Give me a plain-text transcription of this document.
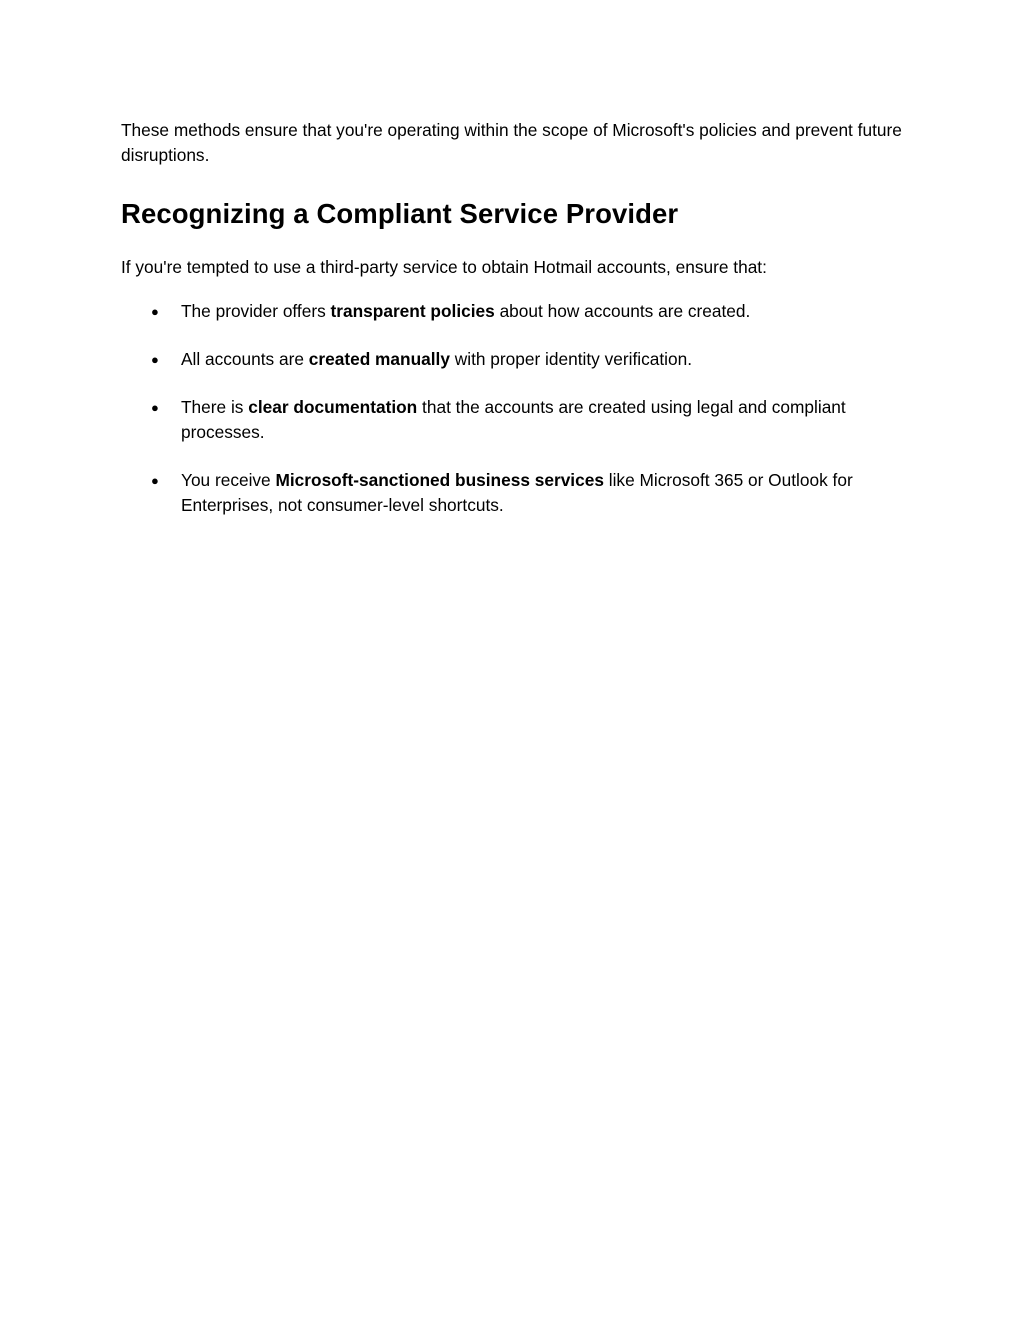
These methods ensure that you're operating within the scope of Microsoft's policies and prevent future disruptions.

Recognizing a Compliant Service Provider

If you're tempted to use a third-party service to obtain Hotmail accounts, ensure that:

● The provider offers transparent policies about how accounts are created.
● All accounts are created manually with proper identity verification.
● There is clear documentation that the accounts are created using legal and compliant processes.
● You receive Microsoft-sanctioned business services like Microsoft 365 or Outlook for Enterprises, not consumer-level shortcuts.
